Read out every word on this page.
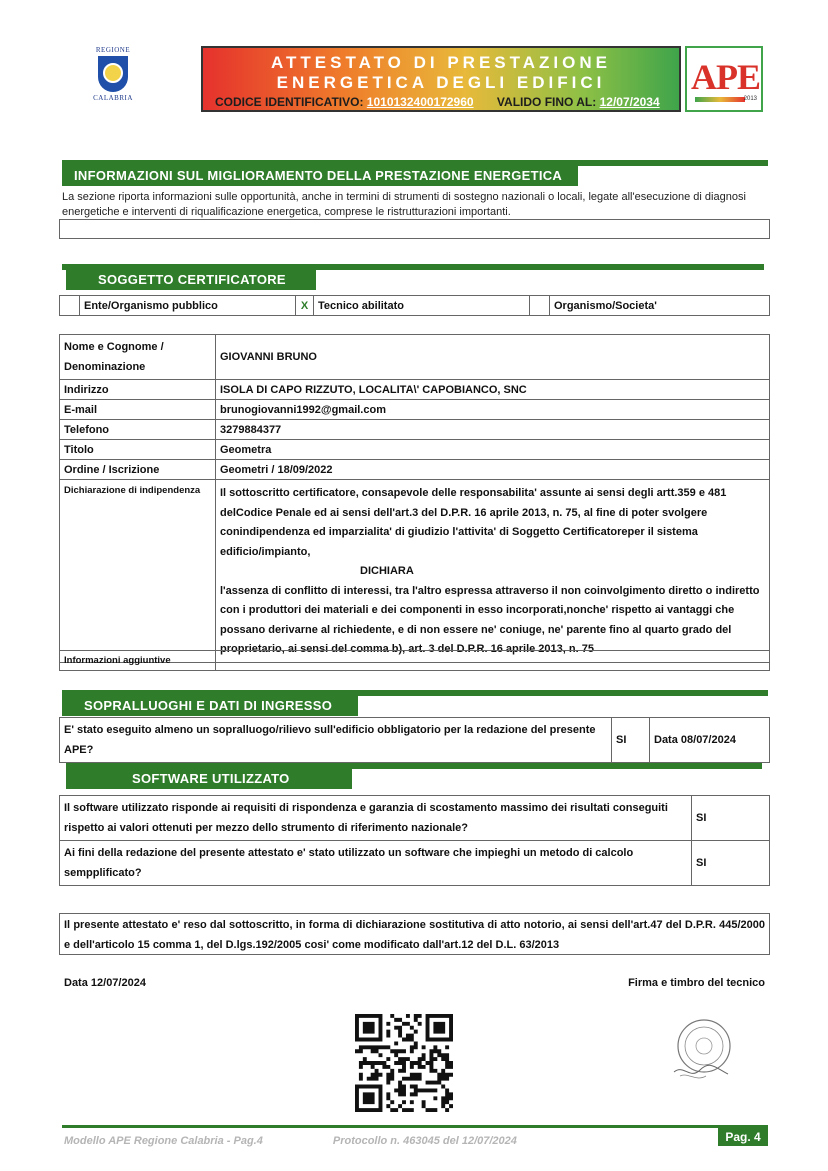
REGIONE
CALABRIA
ATTESTATO DI PRESTAZIONE
ENERGETICA DEGLI EDIFICI
CODICE IDENTIFICATIVO: 1010132400172960 VALIDO FINO AL: 12/07/2034
APE
2013
INFORMAZIONI SUL MIGLIORAMENTO DELLA PRESTAZIONE ENERGETICA
La sezione riporta informazioni sulle opportunità, anche in termini di strumenti di sostegno nazionali o locali, legate all'esecuzione di diagnosi energetiche e interventi di riqualificazione energetica, comprese le ristrutturazioni importanti.
SOGGETTO CERTIFICATORE
	Ente/Organismo pubblico	X	Tecnico abilitato		Organismo/Societa'
Nome e Cognome / Denominazione	GIOVANNI BRUNO
Indirizzo	ISOLA DI CAPO RIZZUTO, LOCALITA\' CAPOBIANCO, SNC
E-mail	brunogiovanni1992@gmail.com
Telefono	3279884377
Titolo	Geometra
Ordine / Iscrizione	Geometri / 18/09/2022
Dichiarazione di indipendenza	Il sottoscritto certificatore, consapevole delle responsabilita' assunte ai sensi degli artt.359 e 481 delCodice Penale ed ai sensi dell'art.3 del D.P.R. 16 aprile 2013, n. 75, al fine di poter svolgere conindipendenza ed imparzialita' di giudizio l'attivita' di Soggetto Certificatoreper il sistema edificio/impianto,
DICHIARA
l'assenza di conflitto di interessi, tra l'altro espressa attraverso il non coinvolgimento diretto o indiretto con i produttori dei materiali e dei componenti in esso incorporati,nonche' rispetto ai vantaggi che possano derivarne al richiedente, e di non essere ne' coniuge, ne' parente fino al quarto grado del proprietario, ai sensi del comma b), art. 3 del D.P.R. 16 aprile 2013, n. 75
Informazioni aggiuntive	
SOPRALLUOGHI E DATI DI INGRESSO
E' stato eseguito almeno un sopralluogo/rilievo sull'edificio obbligatorio per la redazione del presente APE?	SI	Data 08/07/2024
SOFTWARE UTILIZZATO
Il software utilizzato risponde ai requisiti di rispondenza e garanzia di scostamento massimo dei risultati conseguiti rispetto ai valori ottenuti per mezzo dello strumento di riferimento nazionale?	SI
Ai fini della redazione del presente attestato e' stato utilizzato un software che impieghi un metodo di calcolo sempplificato?	SI
Il presente attestato e' reso dal sottoscritto, in forma di dichiarazione sostitutiva di atto notorio, ai sensi dell'art.47 del D.P.R. 445/2000 e dell'articolo 15 comma 1, del D.lgs.192/2005 cosi' come modificato dall'art.12 del D.L. 63/2013
Data 12/07/2024	Firma e timbro del tecnico
Modello APE Regione Calabria - Pag.4	Protocollo n. 463045 del 12/07/2024	Pag. 4
